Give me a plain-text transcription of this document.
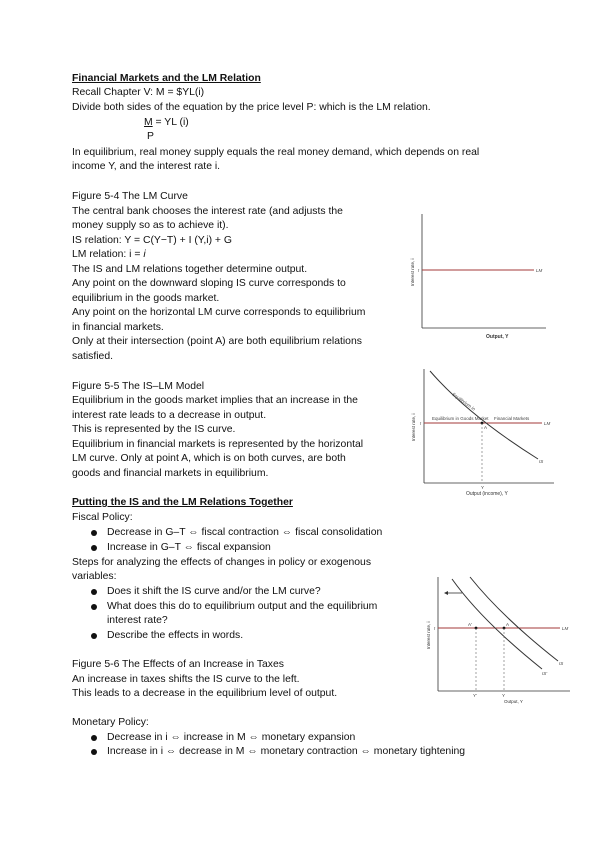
Financial Markets and the LM Relation
Recall Chapter V: M = $YL(i)
Divide both sides of the equation by the price level P: which is the LM relation.
M = YL (i)
P
In equilibrium, real money supply equals the real money demand, which depends on real
income Y, and the interest rate i.
Figure 5-4 The LM Curve
The central bank chooses the interest rate (and adjusts the
money supply so as to achieve it).
IS relation: Y = C(Y−T) + I (Y,i) + G
LM relation: i = i
The IS and LM relations together determine output.
Any point on the downward sloping IS curve corresponds to
equilibrium in the goods market.
Any point on the horizontal LM curve corresponds to equilibrium
in financial markets.
Only at their intersection (point A) are both equilibrium relations
satisfied.
LM
ī
Interest rate, i
Output, Y
Figure 5-5 The IS–LM Model
Equilibrium in the goods market implies that an increase in the
interest rate leads to a decrease in output.
This is represented by the IS curve.
Equilibrium in financial markets is represented by the horizontal
LM curve. Only at point A, which is on both curves, are both
goods and financial markets in equilibrium.
A
LM
IS
Equilibrium in Goods Market
Equilibrium in
Financial Markets
ī
Y
Interest rate, i
Output (income), Y
Putting the IS and the LM Relations Together
Fiscal Policy:
Decrease in G–T ⇔ fiscal contraction ⇔ fiscal consolidation
Increase in G–T ⇔ fiscal expansion
Steps for analyzing the effects of changes in policy or exogenous
variables:
Does it shift the IS curve and/or the LM curve?
What does this do to equilibrium output and the equilibrium
interest rate?
Describe the effects in words.
A'	A
LM
IS
IS'
ī
Y'	Y
Interest rate, i
Output, Y
Figure 5-6 The Effects of an Increase in Taxes
An increase in taxes shifts the IS curve to the left.
This leads to a decrease in the equilibrium level of output.
Monetary Policy:
Decrease in i ⇔ increase in M ⇔ monetary expansion
Increase in i ⇔ decrease in M ⇔ monetary contraction ⇔ monetary tightening
